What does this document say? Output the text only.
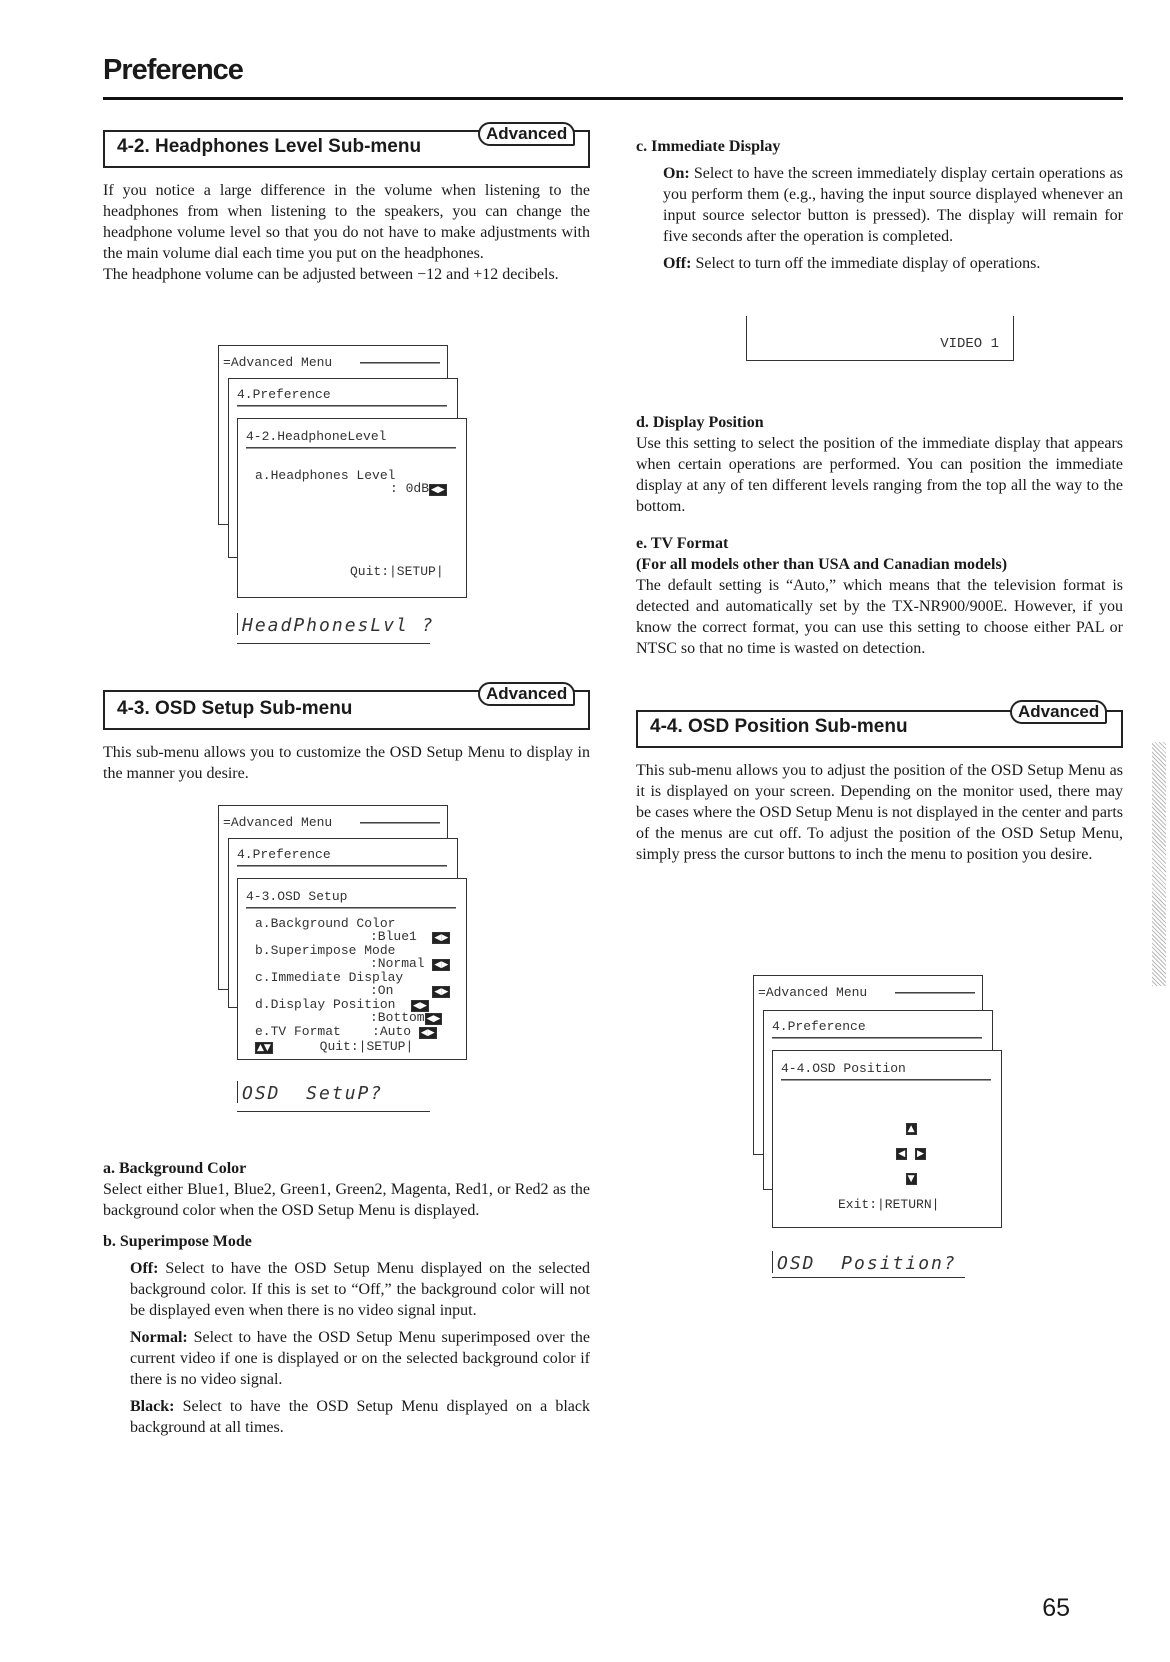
Preference
4-2. Headphones Level Sub-menu
Advanced

If you notice a large difference in the volume when listening to the headphones from when listening to the speakers, you can change the headphone volume level so that you do not have to make adjustments with the main volume dial each time you put on the headphones.

The headphone volume can be adjusted between −12 and +12 decibels.

=Advanced Menu
4.Preference
4-2.HeadphoneLevel
a.Headphones Level
: 0dB ◀▶
Quit:|SETUP|
HeadPhonesLvl ?
4-3. OSD Setup Sub-menu
Advanced

This sub-menu allows you to customize the OSD Setup Menu to display in the manner you desire.

=Advanced Menu
4.Preference
4-3.OSD Setup
a.Background Color
:Blue1 ◀▶
b.Superimpose Mode
:Normal ◀▶
c.Immediate Display
:On	◀▶
d.Display Position ◀▶
:Bottom ◀▶
e.TV Format    :Auto ◀▶
▲▼	Quit:|SETUP|
OSD  SetuP?
a. Background Color

Select either Blue1, Blue2, Green1, Green2, Magenta, Red1, or Red2 as the background color when the OSD Setup Menu is displayed.

b. Superimpose Mode

Off: Select to have the OSD Setup Menu displayed on the selected background color. If this is set to “Off,” the background color will not be displayed even when there is no video signal input.

Normal: Select to have the OSD Setup Menu superimposed over the current video if one is displayed or on the selected background color if there is no video signal.

Black: Select to have the OSD Setup Menu displayed on a black background at all times.

c. Immediate Display

On: Select to have the screen immediately display certain operations as you perform them (e.g., having the input source displayed whenever an input source selector button is pressed). The display will remain for five seconds after the operation is completed.

Off: Select to turn off the immediate display of operations.

VIDEO 1
d. Display Position

Use this setting to select the position of the immediate display that appears when certain operations are performed. You can position the immediate display at any of ten different levels ranging from the top all the way to the bottom.

e. TV Format
(For all models other than USA and Canadian models)

The default setting is “Auto,” which means that the television format is detected and automatically set by the TX-NR900/900E. However, if you know the correct format, you can use this setting to choose either PAL or NTSC so that no time is wasted on detection.

4-4. OSD Position Sub-menu
Advanced

This sub-menu allows you to adjust the position of the OSD Setup Menu as it is displayed on your screen. Depending on the monitor used, there may be cases where the OSD Setup Menu is not displayed in the center and parts of the menus are cut off. To adjust the position of the OSD Setup Menu, simply press the cursor buttons to inch the menu to position you desire.

=Advanced Menu
4.Preference
4-4.OSD Position

▲

◀ ▶

▼

Exit:|RETURN|
OSD  Position?
65
